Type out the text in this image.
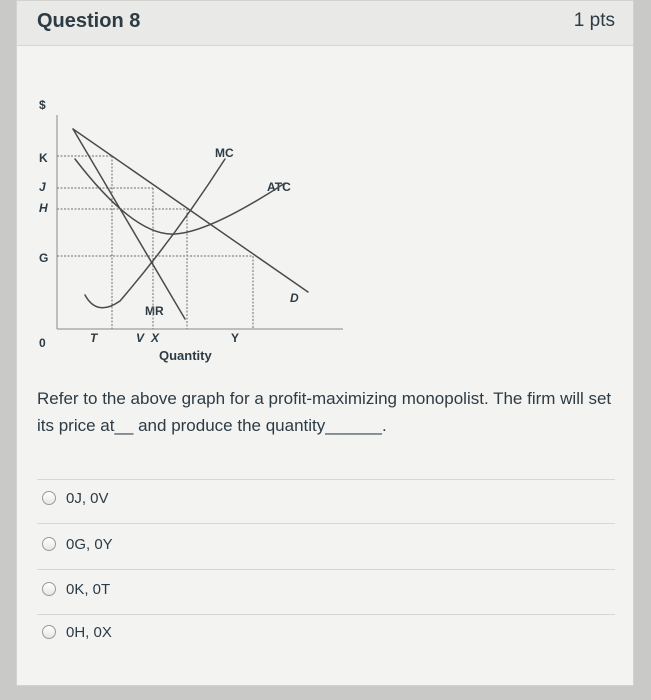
Question 8	1 pts
$
K
J
H
G
0	T	V X	Y
Quantity
MC
ATC
D
MR
Refer to the above graph for a profit-maximizing monopolist. The firm will set its price at__ and produce the quantity______.
0J, 0V
0G, 0Y
0K, 0T
0H, 0X
